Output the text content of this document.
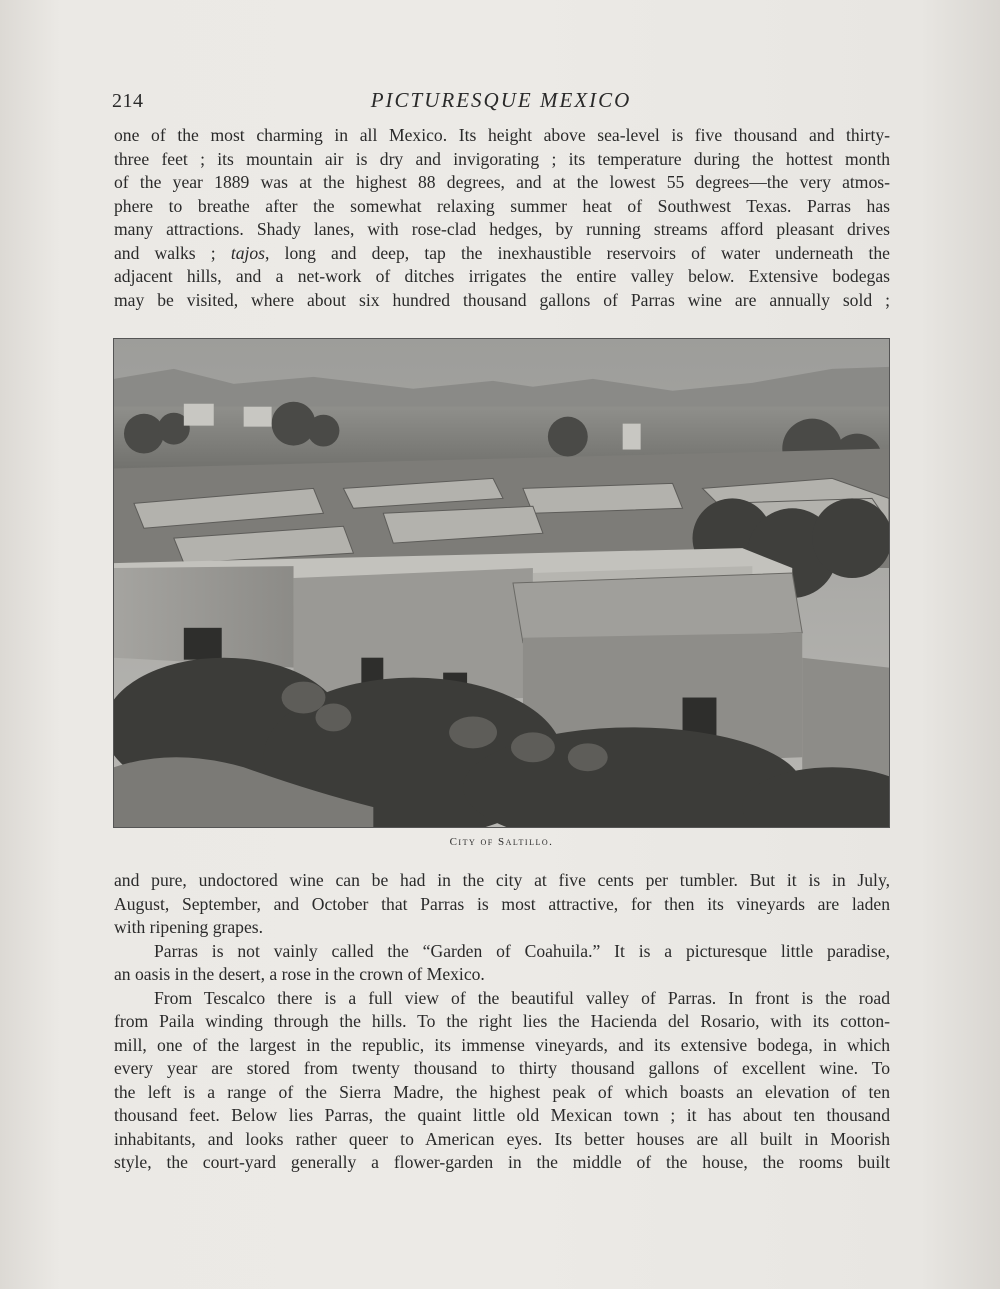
214	PICTURESQUE MEXICO

one of the most charming in all Mexico. Its height above sea-level is five thousand and thirty-
three feet ; its mountain air is dry and invigorating ; its temperature during the hottest month
of the year 1889 was at the highest 88 degrees, and at the lowest 55 degrees—the very atmos-
phere to breathe after the somewhat relaxing summer heat of Southwest Texas. Parras has
many attractions. Shady lanes, with rose-clad hedges, by running streams afford pleasant drives
and walks ; tajos, long and deep, tap the inexhaustible reservoirs of water underneath the
adjacent hills, and a net-work of ditches irrigates the entire valley below. Extensive bodegas
may be visited, where about six hundred thousand gallons of Parras wine are annually sold ;

City of Saltillo.

and pure, undoctored wine can be had in the city at five cents per tumbler. But it is in July,
August, September, and October that Parras is most attractive, for then its vineyards are laden
with ripening grapes.

Parras is not vainly called the “Garden of Coahuila.” It is a picturesque little paradise,
an oasis in the desert, a rose in the crown of Mexico.

From Tescalco there is a full view of the beautiful valley of Parras. In front is the road
from Paila winding through the hills. To the right lies the Hacienda del Rosario, with its cotton-
mill, one of the largest in the republic, its immense vineyards, and its extensive bodega, in which
every year are stored from twenty thousand to thirty thousand gallons of excellent wine. To
the left is a range of the Sierra Madre, the highest peak of which boasts an elevation of ten
thousand feet. Below lies Parras, the quaint little old Mexican town ; it has about ten thousand
inhabitants, and looks rather queer to American eyes. Its better houses are all built in Moorish
style, the court-yard generally a flower-garden in the middle of the house, the rooms built
